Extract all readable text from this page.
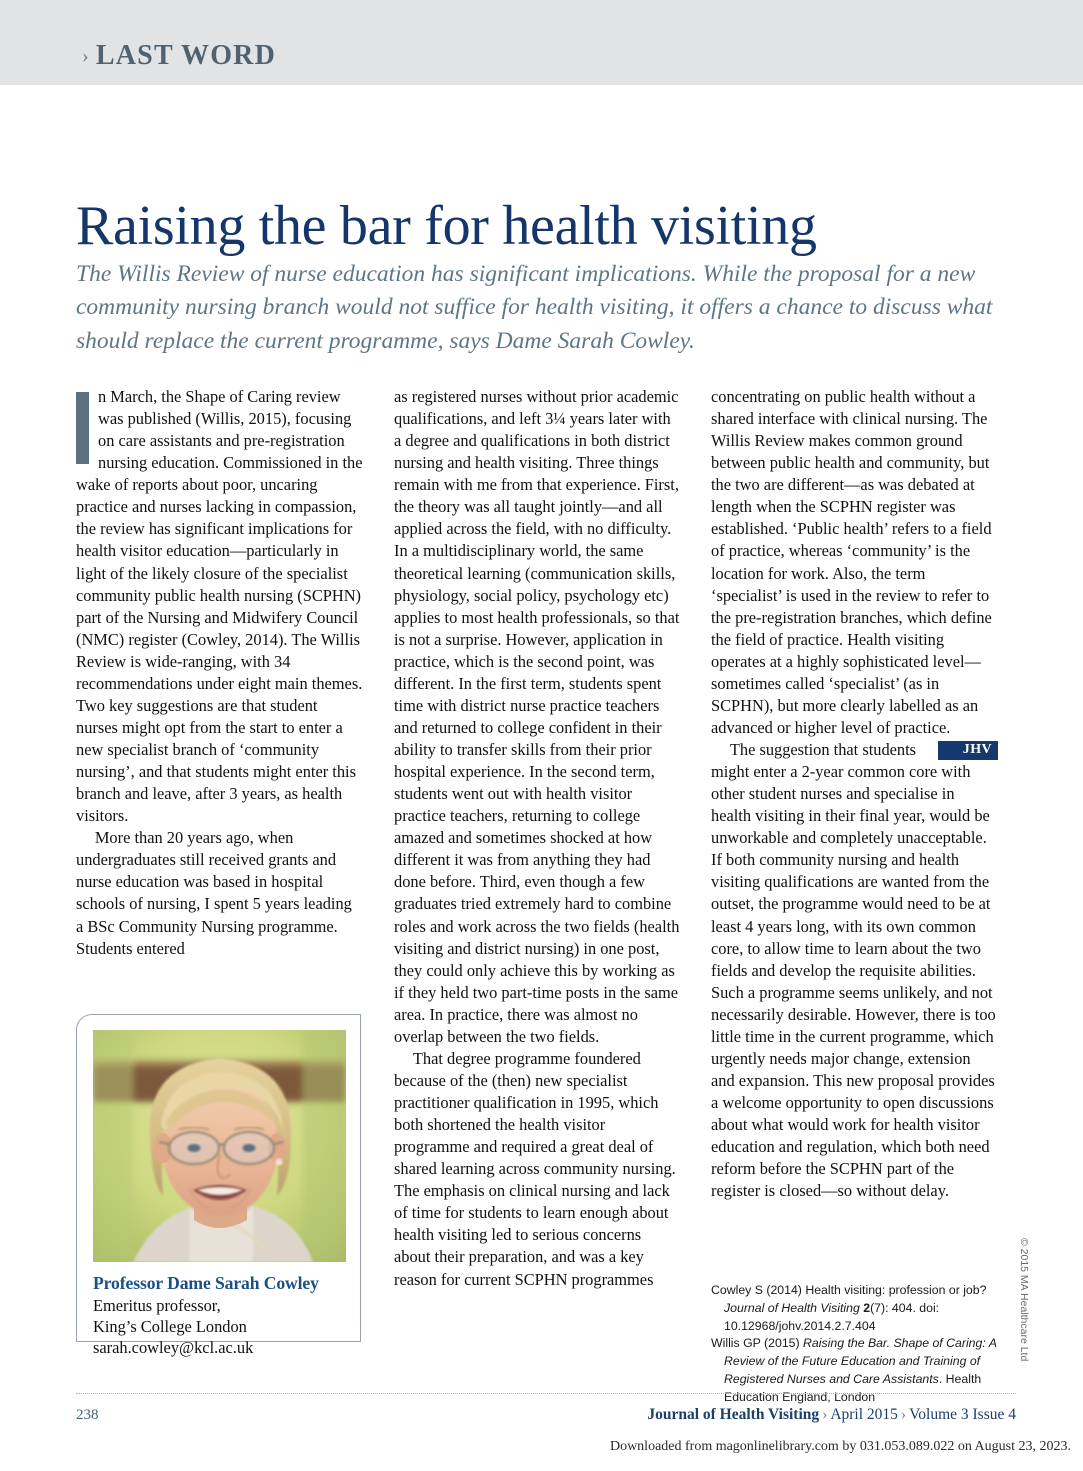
› LAST WORD
Raising the bar for health visiting
The Willis Review of nurse education has significant implications. While the proposal for a new community nursing branch would not suffice for health visiting, it offers a chance to discuss what should replace the current programme, says Dame Sarah Cowley.

n March, the Shape of Caring review was published (Willis, 2015), focusing on care assistants and pre-registration nursing education. Commissioned in the wake of reports about poor, uncaring practice and nurses lacking in compassion, the review has significant implications for health visitor education—particularly in light of the likely closure of the specialist community public health nursing (SCPHN) part of the Nursing and Midwifery Council (NMC) register (Cowley, 2014). The Willis Review is wide-ranging, with 34 recommendations under eight main themes. Two key suggestions are that student nurses might opt from the start to enter a new specialist branch of ‘community nursing’, and that students might enter this branch and leave, after 3 years, as health visitors.

More than 20 years ago, when undergraduates still received grants and nurse education was based in hospital schools of nursing, I spent 5 years leading a BSc Community Nursing programme. Students entered

Professor Dame Sarah Cowley
Emeritus professor,
King’s College London
sarah.cowley@kcl.ac.uk

as registered nurses without prior academic qualifications, and left 3¼ years later with a degree and qualifications in both district nursing and health visiting. Three things remain with me from that experience. First, the theory was all taught jointly—and all applied across the field, with no difficulty. In a multidisciplinary world, the same theoretical learning (communication skills, physiology, social policy, psychology etc) applies to most health professionals, so that is not a surprise. However, application in practice, which is the second point, was different. In the first term, students spent time with district nurse practice teachers and returned to college confident in their ability to transfer skills from their prior hospital experience. In the second term, students went out with health visitor practice teachers, returning to college amazed and sometimes shocked at how different it was from anything they had done before. Third, even though a few graduates tried extremely hard to combine roles and work across the two fields (health visiting and district nursing) in one post, they could only achieve this by working as if they held two part-time posts in the same area. In practice, there was almost no overlap between the two fields.

That degree programme foundered because of the (then) new specialist practitioner qualification in 1995, which both shortened the health visitor programme and required a great deal of shared learning across community nursing. The emphasis on clinical nursing and lack of time for students to learn enough about health visiting led to serious concerns about their preparation, and was a key reason for current SCPHN programmes

concentrating on public health without a shared interface with clinical nursing. The Willis Review makes common ground between public health and community, but the two are different—as was debated at length when the SCPHN register was established. ‘Public health’ refers to a field of practice, whereas ‘community’ is the location for work. Also, the term ‘specialist’ is used in the review to refer to the pre-registration branches, which define the field of practice. Health visiting operates at a highly sophisticated level—sometimes called ‘specialist’ (as in SCPHN), but more clearly labelled as an advanced or higher level of practice.

JHV
The suggestion that students might enter a 2-year common core with other student nurses and specialise in health visiting in their final year, would be unworkable and completely unacceptable. If both community nursing and health visiting qualifications are wanted from the outset, the programme would need to be at least 4 years long, with its own common core, to allow time to learn about the two fields and develop the requisite abilities. Such a programme seems unlikely, and not necessarily desirable. However, there is too little time in the current programme, which urgently needs major change, extension and expansion. This new proposal provides a welcome opportunity to open discussions about what would work for health visitor education and regulation, which both need reform before the SCPHN part of the register is closed—so without delay.

Cowley S (2014) Health visiting: profession or job? Journal of Health Visiting 2(7): 404. doi: 10.12968/johv.2014.2.7.404

Willis GP (2015) Raising the Bar. Shape of Caring: A Review of the Future Education and Training of Registered Nurses and Care Assistants. Health Education England, London

© 2015 MA Healthcare Ltd
238	Journal of Health Visiting › April 2015 › Volume 3 Issue 4
Downloaded from magonlinelibrary.com by 031.053.089.022 on August 23, 2023.
